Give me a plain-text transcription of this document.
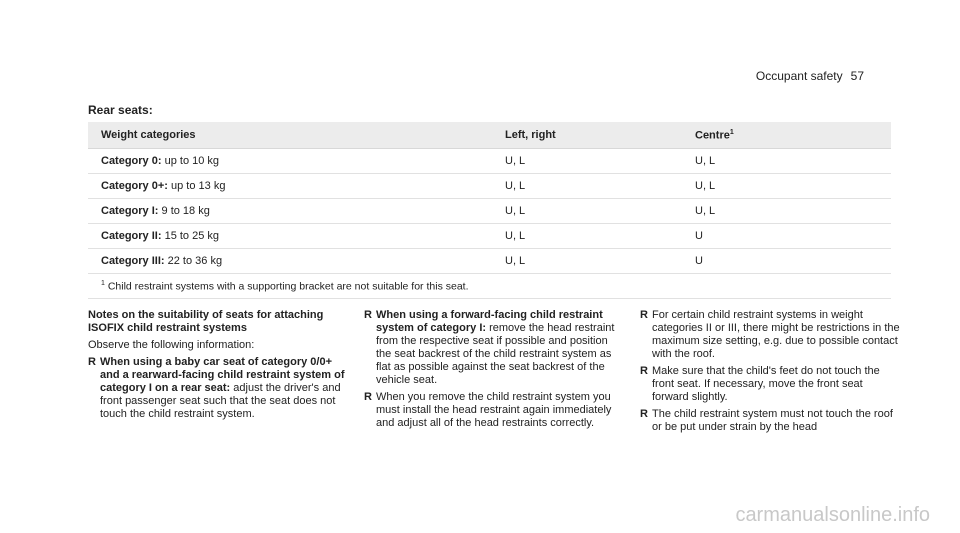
Occupant safety 57
Rear seats:
Weight categories	Left, right	Centre$^1$
Category 0: up to 10 kg	U, L	U, L
Category 0+: up to 13 kg	U, L	U, L
Category I: 9 to 18 kg	U, L	U, L
Category II: 15 to 25 kg	U, L	U
Category III: 22 to 36 kg	U, L	U
$^1$ Child restraint systems with a supporting bracket are not suitable for this seat.		

Notes on the suitability of seats for attaching ISOFIX child restraint systems

Observe the following information:

R When using a baby car seat of category 0/0+ and a rearward-facing child restraint system of category I on a rear seat: adjust the driver's and front passenger seat such that the seat does not touch the child restraint system.
R When using a forward-facing child restraint system of category I: remove the head restraint from the respective seat if possible and position the seat backrest of the child restraint system as flat as possible against the seat backrest of the vehicle seat.
R When you remove the child restraint system you must install the head restraint again immediately and adjust all of the head restraints correctly.
R For certain child restraint systems in weight categories II or III, there might be restrictions in the maximum size setting, e.g. due to possible contact with the roof.
R Make sure that the child's feet do not touch the front seat. If necessary, move the front seat forward slightly.
R The child restraint system must not touch the roof or be put under strain by the head
carmanualsonline.info
